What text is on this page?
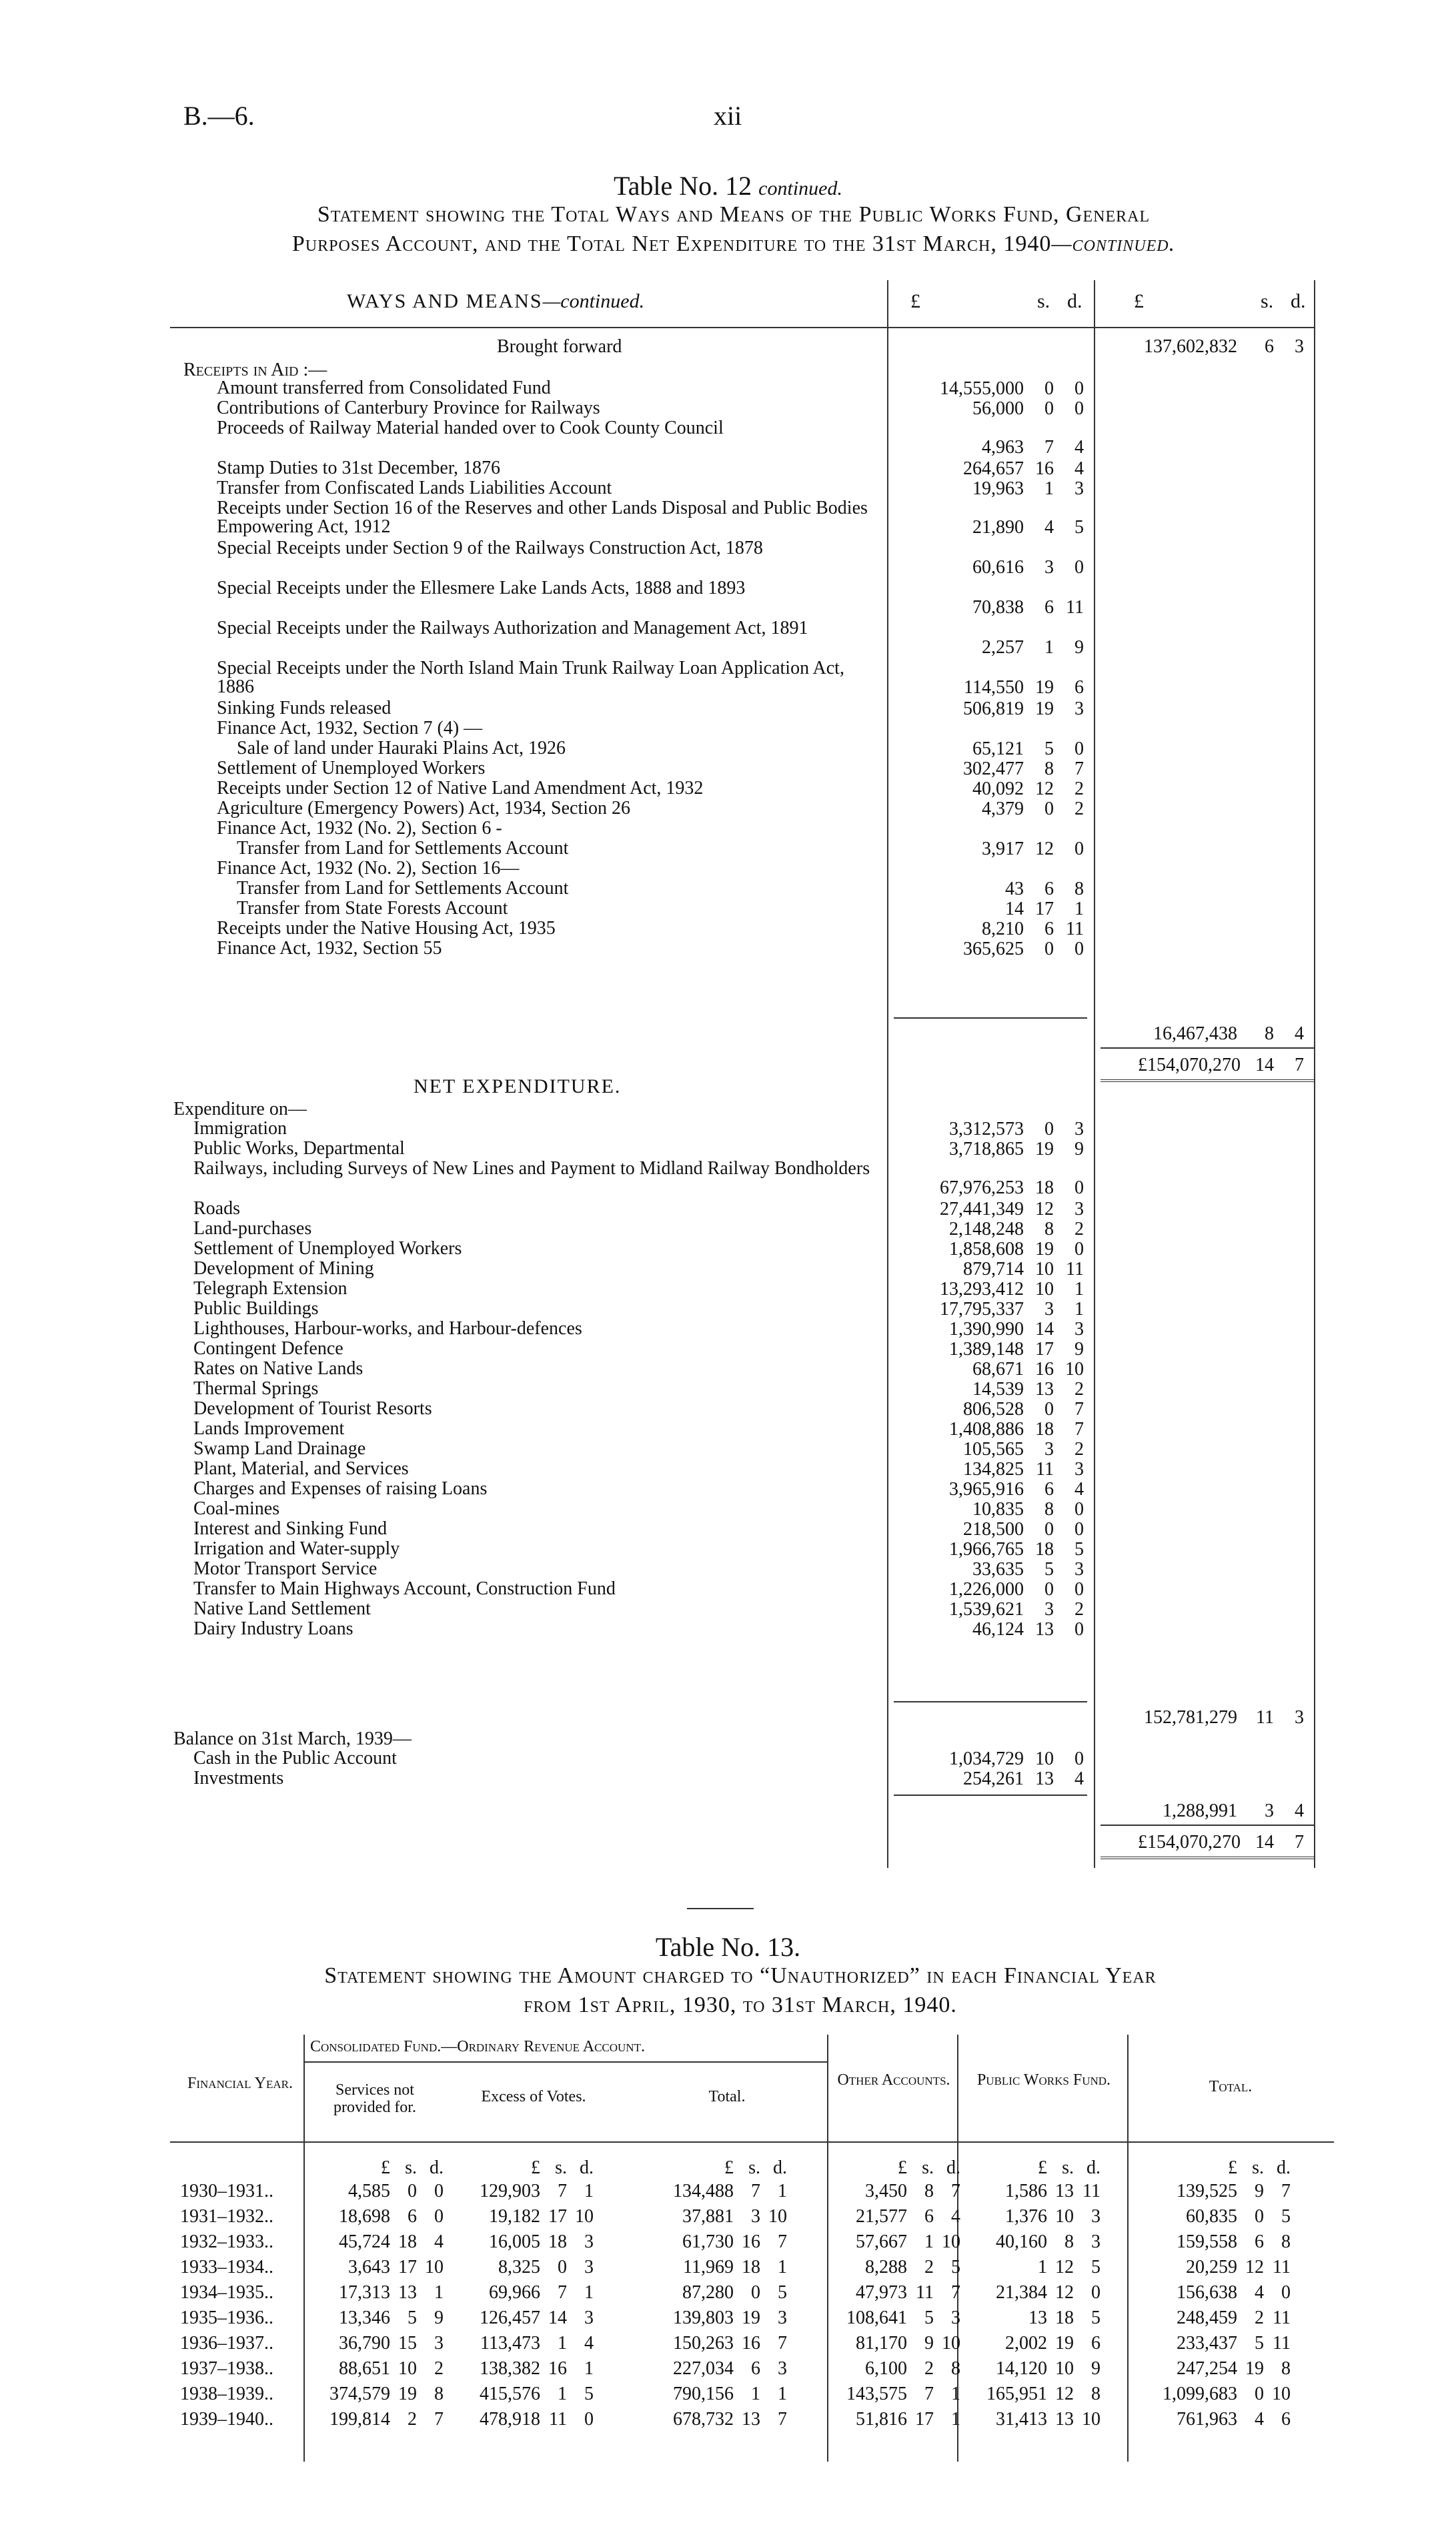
B.—6.	xii
Table No. 12 continued.
Statement showing the Total Ways and Means of the Public Works Fund, General
Purposes Account, and the Total Net Expenditure to the 31st March, 1940—continued.
WAYS AND MEANS—continued.	£	s. d.	£	s. d.
Brought forward	137,602,832	6	3
Receipts in Aid :—
Amount transferred from Consolidated Fund	14,555,000	0	0
Contributions of Canterbury Province for Railways	56,000	0	0
Proceeds of Railway Material handed over to Cook County Council
4,963	7	4
Stamp Duties to 31st December, 1876	264,657 16	4
Transfer from Confiscated Lands Liabilities Account	19,963	1	3
Receipts under Section 16 of the Reserves and other Lands Disposal and Public Bodies Empowering Act, 1912	21,890	4	5
Special Receipts under Section 9 of the Railways Construction Act, 1878
60,616	3	0
Special Receipts under the Ellesmere Lake Lands Acts, 1888 and 1893
70,838	6 11
Special Receipts under the Railways Authorization and Management Act, 1891
2,257	1	9
Special Receipts under the North Island Main Trunk Railway Loan Application Act, 1886	114,550 19	6
Sinking Funds released	506,819 19	3
Finance Act, 1932, Section 7 (4) —
Sale of land under Hauraki Plains Act, 1926	65,121	5	0
Settlement of Unemployed Workers	302,477	8	7
Receipts under Section 12 of Native Land Amendment Act, 1932	40,092 12	2
Agriculture (Emergency Powers) Act, 1934, Section 26	4,379	0	2
Finance Act, 1932 (No. 2), Section 6 -
Transfer from Land for Settlements Account	3,917 12	0
Finance Act, 1932 (No. 2), Section 16—
Transfer from Land for Settlements Account	43	6	8
Transfer from State Forests Account	14 17	1
Receipts under the Native Housing Act, 1935	8,210	6 11
Finance Act, 1932, Section 55	365,625	0	0
16,467,438	8	4
£154,070,270 14	7
NET EXPENDITURE.
Expenditure on—
Immigration	3,312,573	0	3
Public Works, Departmental	3,718,865 19	9
Railways, including Surveys of New Lines and Payment to Midland Railway Bondholders
67,976,253 18	0
Roads	27,441,349 12	3
Land-purchases	2,148,248	8	2
Settlement of Unemployed Workers	1,858,608 19	0
Development of Mining	879,714 10 11
Telegraph Extension	13,293,412 10	1
Public Buildings	17,795,337	3	1
Lighthouses, Harbour-works, and Harbour-defences	1,390,990 14	3
Contingent Defence	1,389,148 17	9
Rates on Native Lands	68,671 16 10
Thermal Springs	14,539 13	2
Development of Tourist Resorts	806,528	0	7
Lands Improvement	1,408,886 18	7
Swamp Land Drainage	105,565	3	2
Plant, Material, and Services	134,825 11	3
Charges and Expenses of raising Loans	3,965,916	6	4
Coal-mines	10,835	8	0
Interest and Sinking Fund	218,500	0	0
Irrigation and Water-supply	1,966,765 18	5
Motor Transport Service	33,635	5	3
Transfer to Main Highways Account, Construction Fund	1,226,000	0	0
Native Land Settlement	1,539,621	3	2
Dairy Industry Loans	46,124 13	0
152,781,279	11	3
Balance on 31st March, 1939—
Cash in the Public Account	1,034,729 10	0
Investments	254,261 13	4
1,288,991	3	4
£154,070,270 14	7
Table No. 13.
Statement showing the Amount charged to “Unauthorized” in each Financial Year
from 1st April, 1930, to 31st March, 1940.
Financial Year.
Consolidated Fund.—Ordinary Revenue Account.
Services not provided for.
Excess of Votes.	Total.
Other Accounts.	Public Works Fund.	Total.
£ s. d.	£ s. d.	£ s. d.	£ s. d.	£ s. d.	£ s. d.
1930–1931..	4,585 0 0	129,903 7 1	134,488 7 1	3,450 8 7	1,586 13 11	139,525 9 7
1931–1932..	18,698 6 0	19,182 17 10	37,881 3 10	21,577 6 4	1,376 10 3	60,835 0 5
1932–1933..	45,724 18 4	16,005 18 3	61,730 16 7	57,667 1 10	40,160 8 3	159,558 6 8
1933–1934..	3,643 17 10	8,325 0 3	11,969 18 1	8,288 2 5	1 12 5	20,259 12 11
1934–1935..	17,313 13 1	69,966 7 1	87,280 0 5	47,973 11 7	21,384 12 0	156,638 4 0
1935–1936..	13,346 5 9	126,457 14 3	139,803 19 3	108,641 5 3	13 18 5	248,459 2 11
1936–1937..	36,790 15 3	113,473 1 4	150,263 16 7	81,170 9 10	2,002 19 6	233,437 5 11
1937–1938..	88,651 10 2	138,382 16 1	227,034 6 3	6,100 2 8	14,120 10 9	247,254 19 8
1938–1939..	374,579 19 8	415,576 1 5	790,156 1 1	143,575 7 1	165,951 12 8	1,099,683 0 10
1939–1940..	199,814 2 7	478,918 11 0	678,732 13 7	51,816 17 1	31,413 13 10	761,963 4 6
